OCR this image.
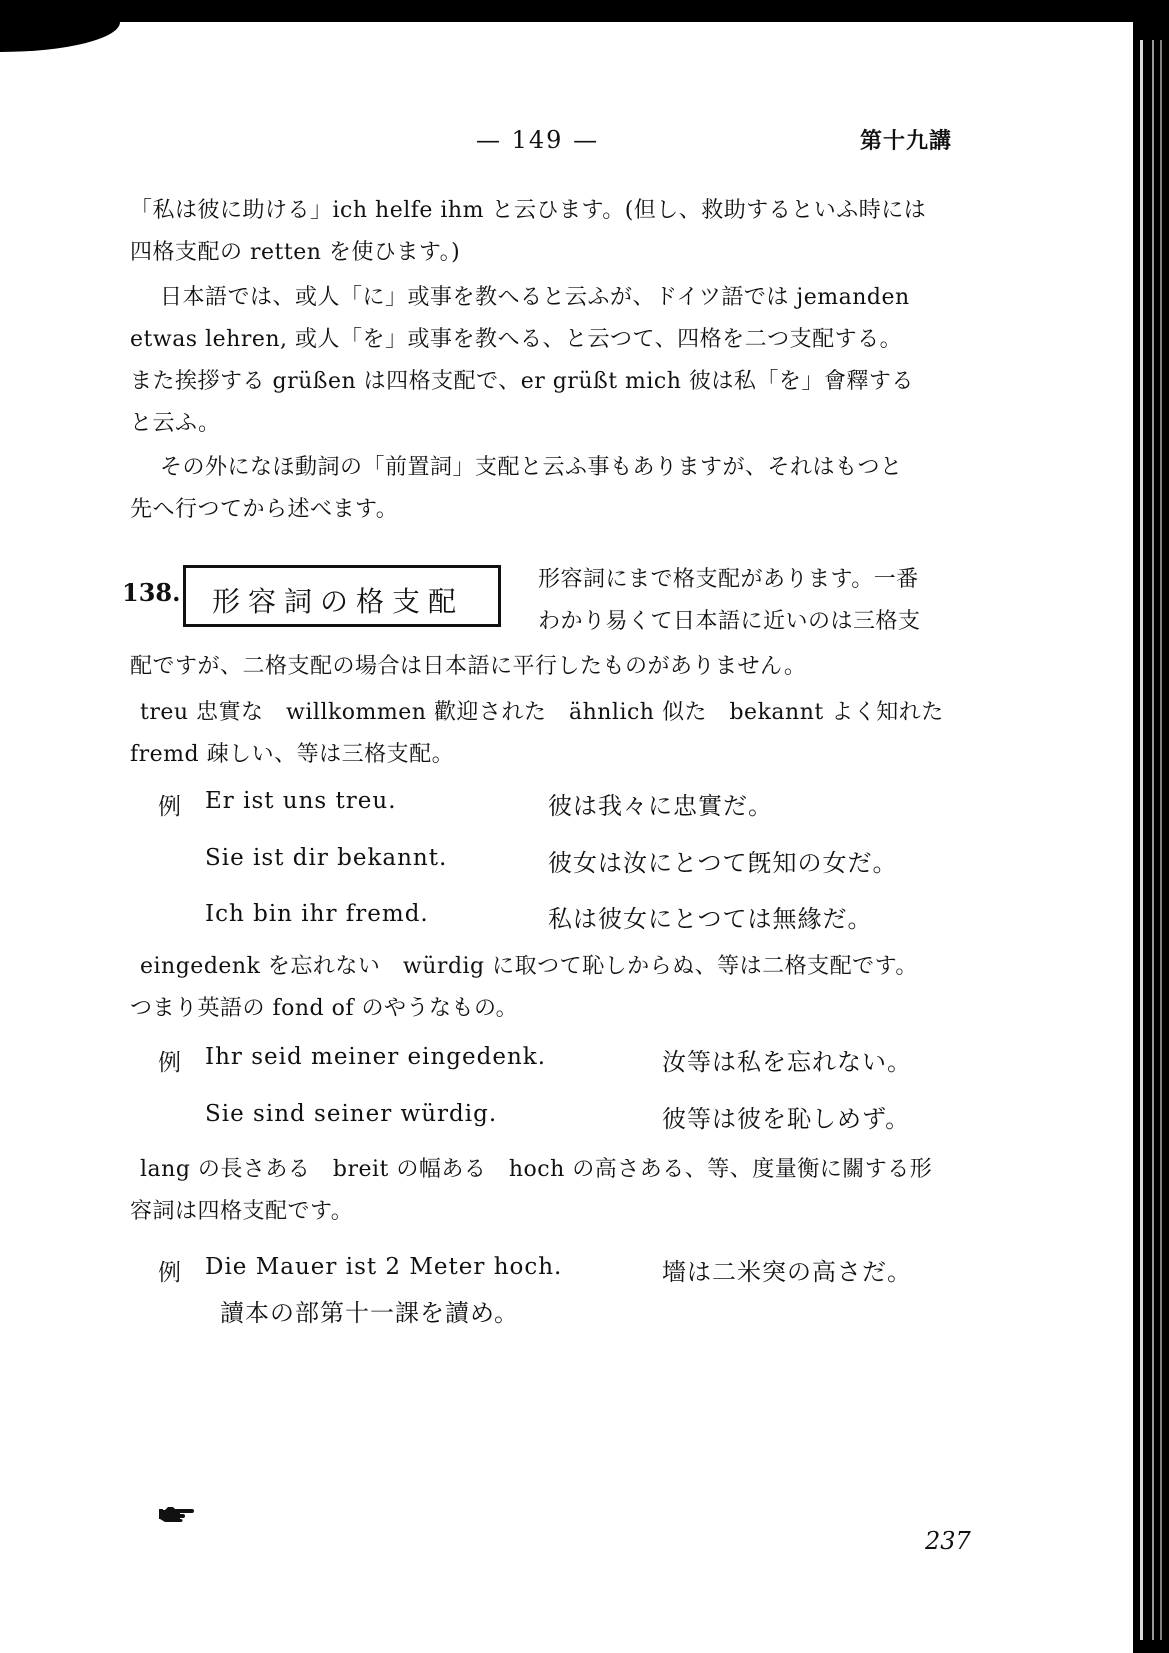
— 149 —	第十九講
「私は彼に助ける」ich helfe ihm と云ひます。(但し、救助するといふ時には
四格支配の retten を使ひます。)
日本語では、或人「に」或事を教へると云ふが、ドイツ語では jemanden
etwas lehren, 或人「を」或事を教へる、と云つて、四格を二つ支配する。
また挨拶する grüßen は四格支配で、er grüßt mich 彼は私「を」會釋する
と云ふ。
その外になほ動詞の「前置詞」支配と云ふ事もありますが、それはもつと
先へ行つてから述べます。
138. 形容詞の格支配
形容詞にまで格支配があります。一番
わかり易くて日本語に近いのは三格支
配ですが、二格支配の場合は日本語に平行したものがありません。
treu 忠實な　willkommen 歡迎された　ähnlich 似た　bekannt よく知れた
fremd 疎しい、等は三格支配。
例 Er ist uns treu.	彼は我々に忠實だ。
Sie ist dir bekannt.	彼女は汝にとつて旣知の女だ。
Ich bin ihr fremd.	私は彼女にとつては無緣だ。
eingedenk を忘れない　würdig に取つて恥しからぬ、等は二格支配です。
つまり英語の fond of のやうなもの。
例 Ihr seid meiner eingedenk.	汝等は私を忘れない。
Sie sind seiner würdig.	彼等は彼を恥しめず。
lang の長さある　breit の幅ある　hoch の高さある、等、度量衡に關する形
容詞は四格支配です。
例 Die Mauer ist 2 Meter hoch.	墻は二米突の高さだ。
讀本の部第十一課を讀め。
237
